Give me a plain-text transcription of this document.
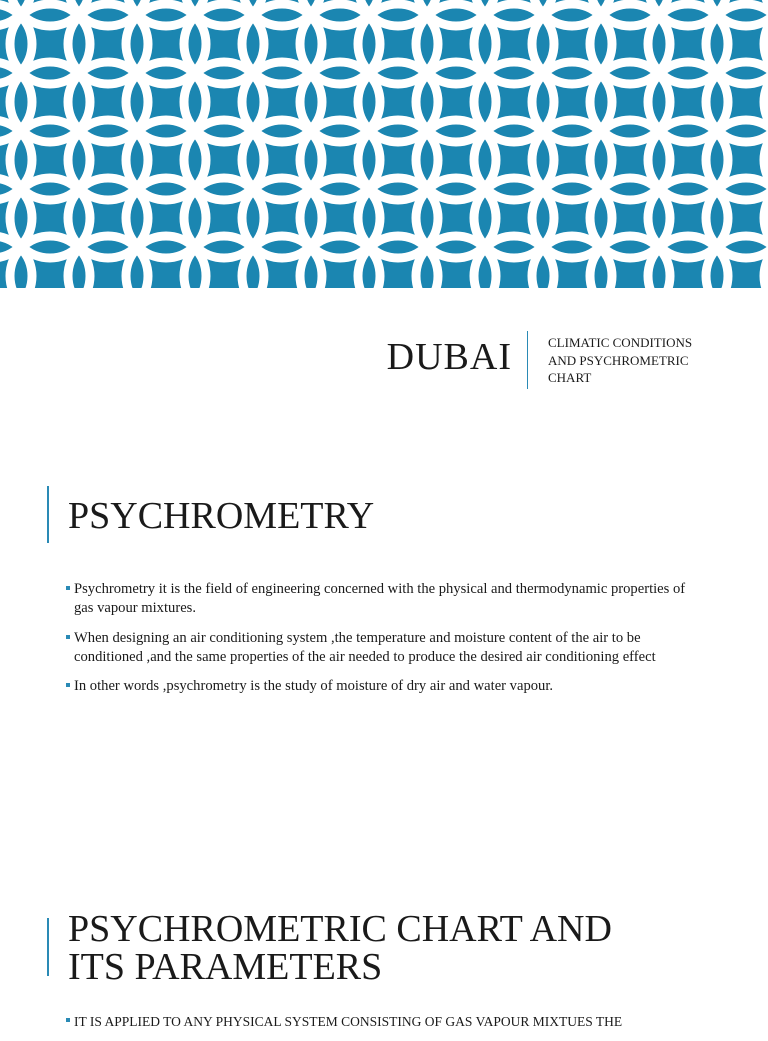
DUBAI	CLIMATIC CONDITIONS
AND PSYCHROMETRIC
CHART
PSYCHROMETRY
Psychrometry it is the field of engineering concerned with the physical and thermodynamic properties of gas vapour mixtures.
When designing an air conditioning system ,the temperature and moisture content of the air to be conditioned ,and the same properties of the air needed to produce the desired air conditioning effect
In other words ,psychrometry is the study of moisture of dry air and water vapour.
PSYCHROMETRIC CHART AND
ITS PARAMETERS
IT IS APPLIED TO ANY PHYSICAL SYSTEM CONSISTING OF GAS VAPOUR MIXTUES THE
